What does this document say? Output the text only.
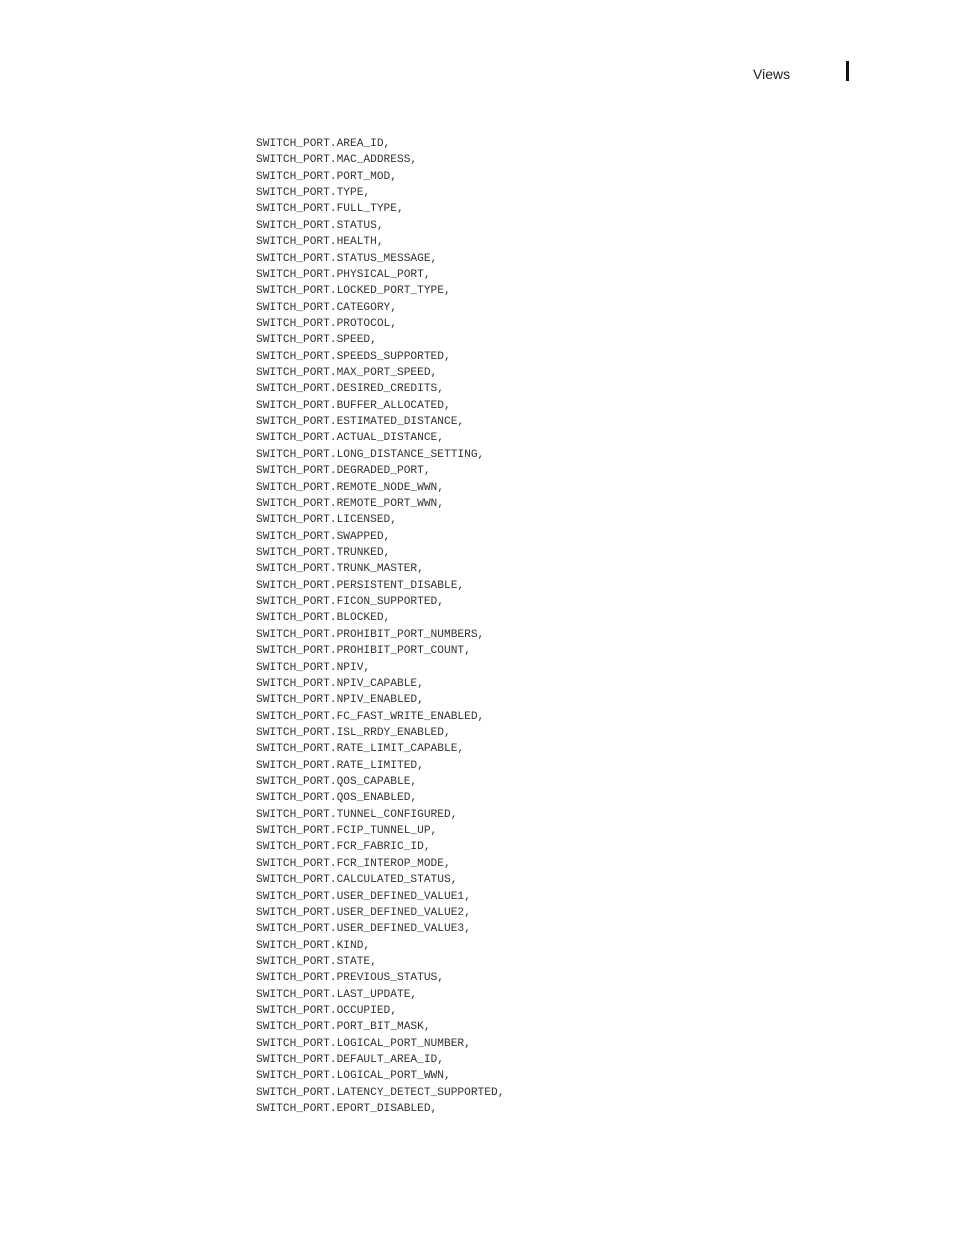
Views
SWITCH_PORT.AREA_ID,
SWITCH_PORT.MAC_ADDRESS,
SWITCH_PORT.PORT_MOD,
SWITCH_PORT.TYPE,
SWITCH_PORT.FULL_TYPE,
SWITCH_PORT.STATUS,
SWITCH_PORT.HEALTH,
SWITCH_PORT.STATUS_MESSAGE,
SWITCH_PORT.PHYSICAL_PORT,
SWITCH_PORT.LOCKED_PORT_TYPE,
SWITCH_PORT.CATEGORY,
SWITCH_PORT.PROTOCOL,
SWITCH_PORT.SPEED,
SWITCH_PORT.SPEEDS_SUPPORTED,
SWITCH_PORT.MAX_PORT_SPEED,
SWITCH_PORT.DESIRED_CREDITS,
SWITCH_PORT.BUFFER_ALLOCATED,
SWITCH_PORT.ESTIMATED_DISTANCE,
SWITCH_PORT.ACTUAL_DISTANCE,
SWITCH_PORT.LONG_DISTANCE_SETTING,
SWITCH_PORT.DEGRADED_PORT,
SWITCH_PORT.REMOTE_NODE_WWN,
SWITCH_PORT.REMOTE_PORT_WWN,
SWITCH_PORT.LICENSED,
SWITCH_PORT.SWAPPED,
SWITCH_PORT.TRUNKED,
SWITCH_PORT.TRUNK_MASTER,
SWITCH_PORT.PERSISTENT_DISABLE,
SWITCH_PORT.FICON_SUPPORTED,
SWITCH_PORT.BLOCKED,
SWITCH_PORT.PROHIBIT_PORT_NUMBERS,
SWITCH_PORT.PROHIBIT_PORT_COUNT,
SWITCH_PORT.NPIV,
SWITCH_PORT.NPIV_CAPABLE,
SWITCH_PORT.NPIV_ENABLED,
SWITCH_PORT.FC_FAST_WRITE_ENABLED,
SWITCH_PORT.ISL_RRDY_ENABLED,
SWITCH_PORT.RATE_LIMIT_CAPABLE,
SWITCH_PORT.RATE_LIMITED,
SWITCH_PORT.QOS_CAPABLE,
SWITCH_PORT.QOS_ENABLED,
SWITCH_PORT.TUNNEL_CONFIGURED,
SWITCH_PORT.FCIP_TUNNEL_UP,
SWITCH_PORT.FCR_FABRIC_ID,
SWITCH_PORT.FCR_INTEROP_MODE,
SWITCH_PORT.CALCULATED_STATUS,
SWITCH_PORT.USER_DEFINED_VALUE1,
SWITCH_PORT.USER_DEFINED_VALUE2,
SWITCH_PORT.USER_DEFINED_VALUE3,
SWITCH_PORT.KIND,
SWITCH_PORT.STATE,
SWITCH_PORT.PREVIOUS_STATUS,
SWITCH_PORT.LAST_UPDATE,
SWITCH_PORT.OCCUPIED,
SWITCH_PORT.PORT_BIT_MASK,
SWITCH_PORT.LOGICAL_PORT_NUMBER,
SWITCH_PORT.DEFAULT_AREA_ID,
SWITCH_PORT.LOGICAL_PORT_WWN,
SWITCH_PORT.LATENCY_DETECT_SUPPORTED,
SWITCH_PORT.EPORT_DISABLED,
